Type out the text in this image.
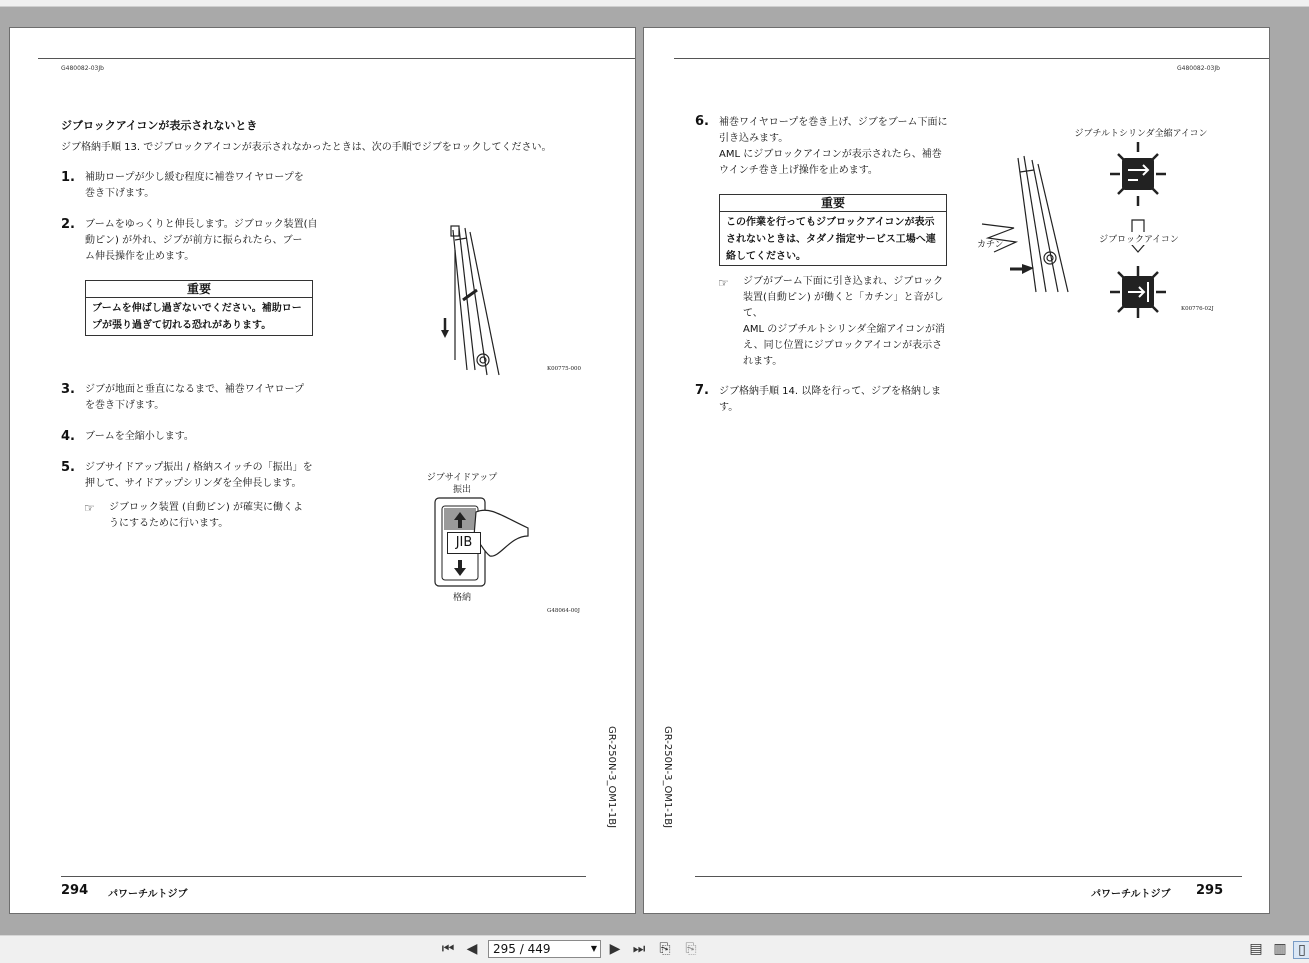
G480082-03Jb
ジブロックアイコンが表示されないとき
ジブ格納手順 13. でジブロックアイコンが表示されなかったときは、次の手順でジブをロックしてください。
1. 補助ロープが少し緩む程度に補巻ワイヤロープを
巻き下げます。
2. ブームをゆっくりと伸長します。ジブロック装置(自
動ピン) が外れ、ジブが前方に振られたら、ブー
ム伸長操作を止めます。
重要
ブームを伸ばし過ぎないでください。補助ロー
プが張り過ぎて切れる恐れがあります。
K00775-000
3. ジブが地面と垂直になるまで、補巻ワイヤロープ
を巻き下げます。
4. ブームを全縮小します。
5. ジブサイドアップ振出 / 格納スイッチの「振出」を
押して、サイドアップシリンダを全伸長します。
☞ ジブロック装置 (自動ピン) が確実に働くよ
うにするために行います。
ジブサイドアップ
振出
JIB
格納
G48064-00J
GR-250N-3_OM1-1BJ
294 パワーチルトジブ
G480082-03Jb
6. 補巻ワイヤロープを巻き上げ、ジブをブーム下面に
引き込みます。
AML にジブロックアイコンが表示されたら、補巻
ウインチ巻き上げ操作を止めます。
重要
この作業を行ってもジブロックアイコンが表示
されないときは、タダノ指定サービス工場へ連
絡してください。
☞ ジブがブーム下面に引き込まれ、ジブロック
装置(自動ピン) が働くと「カチン」と音がして、
AML のジブチルトシリンダ全縮アイコンが消
え、同じ位置にジブロックアイコンが表示さ
れます。
カチン
ジブチルトシリンダ全縮アイコン
ジブロックアイコン
K00776-02J
7. ジブ格納手順 14. 以降を行って、ジブを格納しま
す。
GR-250N-3_OM1-1BJ
パワーチルトジブ 295
⏮ ◀	295 / 449	▼ ▶ ⏭ ⎘ ⎘	▤ ▥ ▯
